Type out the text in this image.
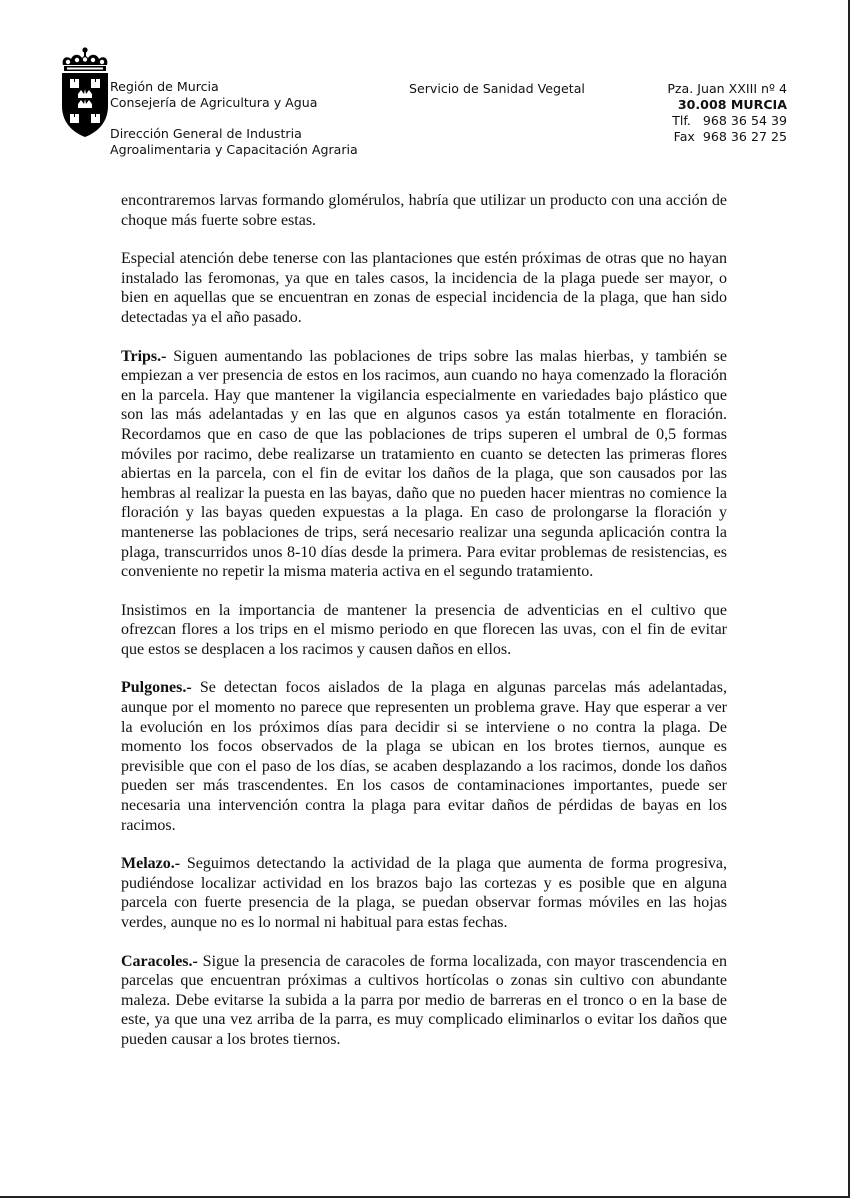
Región de Murcia
Consejería de Agricultura y Agua

Dirección General de Industria
Agroalimentaria y Capacitación Agraria

Servicio de Sanidad Vegetal	Pza. Juan XXIII nº 4
30.008 MURCIA
Tlf.   968 36 54 39
Fax  968 36 27 25

encontraremos larvas formando glomérulos, habría que utilizar un producto con una acción de choque más fuerte sobre estas.

Especial atención debe tenerse con las plantaciones que estén próximas de otras que no hayan instalado las feromonas, ya que en tales casos, la incidencia de la plaga puede ser mayor, o bien en aquellas que se encuentran en zonas de especial incidencia de la plaga, que han sido detectadas ya el año pasado.

Trips.- Siguen aumentando las poblaciones de trips sobre las malas hierbas, y también se empiezan a ver presencia de estos en los racimos, aun cuando no haya comenzado la floración en la parcela. Hay que mantener la vigilancia especialmente en variedades bajo plástico que son las más adelantadas y en las que en algunos casos ya están totalmente en floración. Recordamos que en caso de que las poblaciones de trips superen el umbral de 0,5 formas móviles por racimo, debe realizarse un tratamiento en cuanto se detecten las primeras flores abiertas en la parcela, con el fin de evitar los daños de la plaga, que son causados por las hembras al realizar la puesta en las bayas, daño que no pueden hacer mientras no comience la floración y las bayas queden expuestas a la plaga. En caso de prolongarse la floración y mantenerse las poblaciones de trips, será necesario realizar una segunda aplicación contra la plaga, transcurridos unos 8-10 días desde la primera. Para evitar problemas de resistencias, es conveniente no repetir la misma materia activa en el segundo tratamiento.

Insistimos en la importancia de mantener la presencia de adventicias en el cultivo que ofrezcan flores a los trips en el mismo periodo en que florecen las uvas, con el fin de evitar que estos se desplacen a los racimos y causen daños en ellos.

Pulgones.- Se detectan focos aislados de la plaga en algunas parcelas más adelantadas, aunque por el momento no parece que representen un problema grave. Hay que esperar a ver la evolución en los próximos días para decidir si se interviene o no contra la plaga. De momento los focos observados de la plaga se ubican en los brotes tiernos, aunque es previsible que con el paso de los días, se acaben desplazando a los racimos, donde los daños pueden ser más trascendentes. En los casos de contaminaciones importantes, puede ser necesaria una intervención contra la plaga para evitar daños de pérdidas de bayas en los racimos.

Melazo.- Seguimos detectando la actividad de la plaga que aumenta de forma progresiva, pudiéndose localizar actividad en los brazos bajo las cortezas y es posible que en alguna parcela con fuerte presencia de la plaga, se puedan observar formas móviles en las hojas verdes, aunque no es lo normal ni habitual para estas fechas.

Caracoles.- Sigue la presencia de caracoles de forma localizada, con mayor trascendencia en parcelas que encuentran próximas a cultivos hortícolas o zonas sin cultivo con abundante maleza. Debe evitarse la subida a la parra por medio de barreras en el tronco o en la base de este, ya que una vez arriba de la parra, es muy complicado eliminarlos o evitar los daños que pueden causar a los brotes tiernos.
